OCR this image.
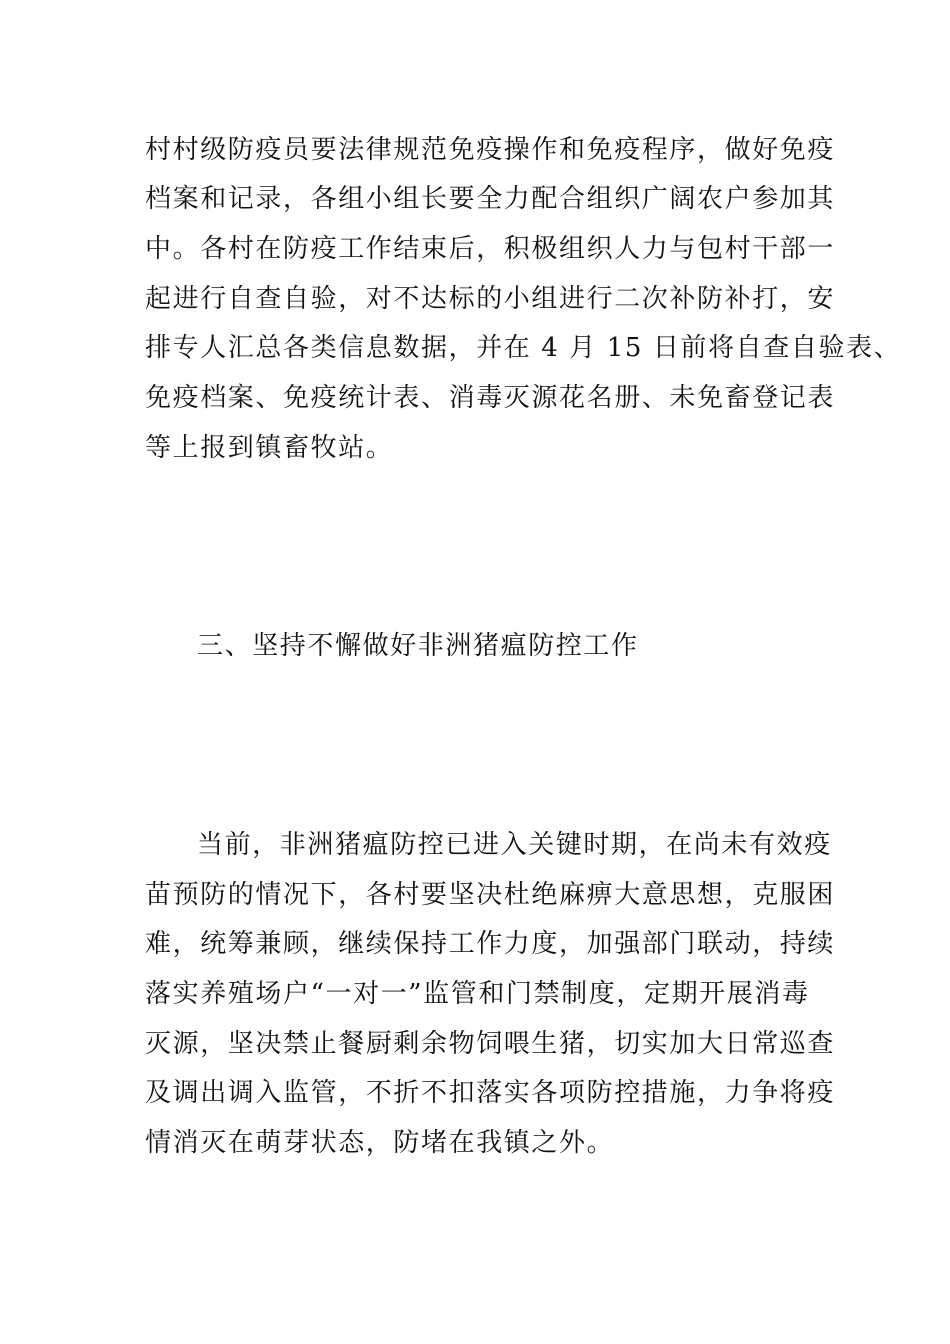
村村级防疫员要法律规范免疫操作和免疫程序，做好免疫

档案和记录，各组小组长要全力配合组织广阔农户参加其

中。各村在防疫工作结束后，积极组织人力与包村干部一

起进行自查自验，对不达标的小组进行二次补防补打，安

排专人汇总各类信息数据，并在 4 月 15 日前将自查自验表、

免疫档案、免疫统计表、消毒灭源花名册、未免畜登记表

等上报到镇畜牧站。

三、坚持不懈做好非洲猪瘟防控工作

当前，非洲猪瘟防控已进入关键时期，在尚未有效疫

苗预防的情况下，各村要坚决杜绝麻痹大意思想，克服困

难，统筹兼顾，继续保持工作力度，加强部门联动，持续

落实养殖场户“一对一”监管和门禁制度，定期开展消毒

灭源，坚决禁止餐厨剩余物饲喂生猪，切实加大日常巡查

及调出调入监管，不折不扣落实各项防控措施，力争将疫

情消灭在萌芽状态，防堵在我镇之外。
